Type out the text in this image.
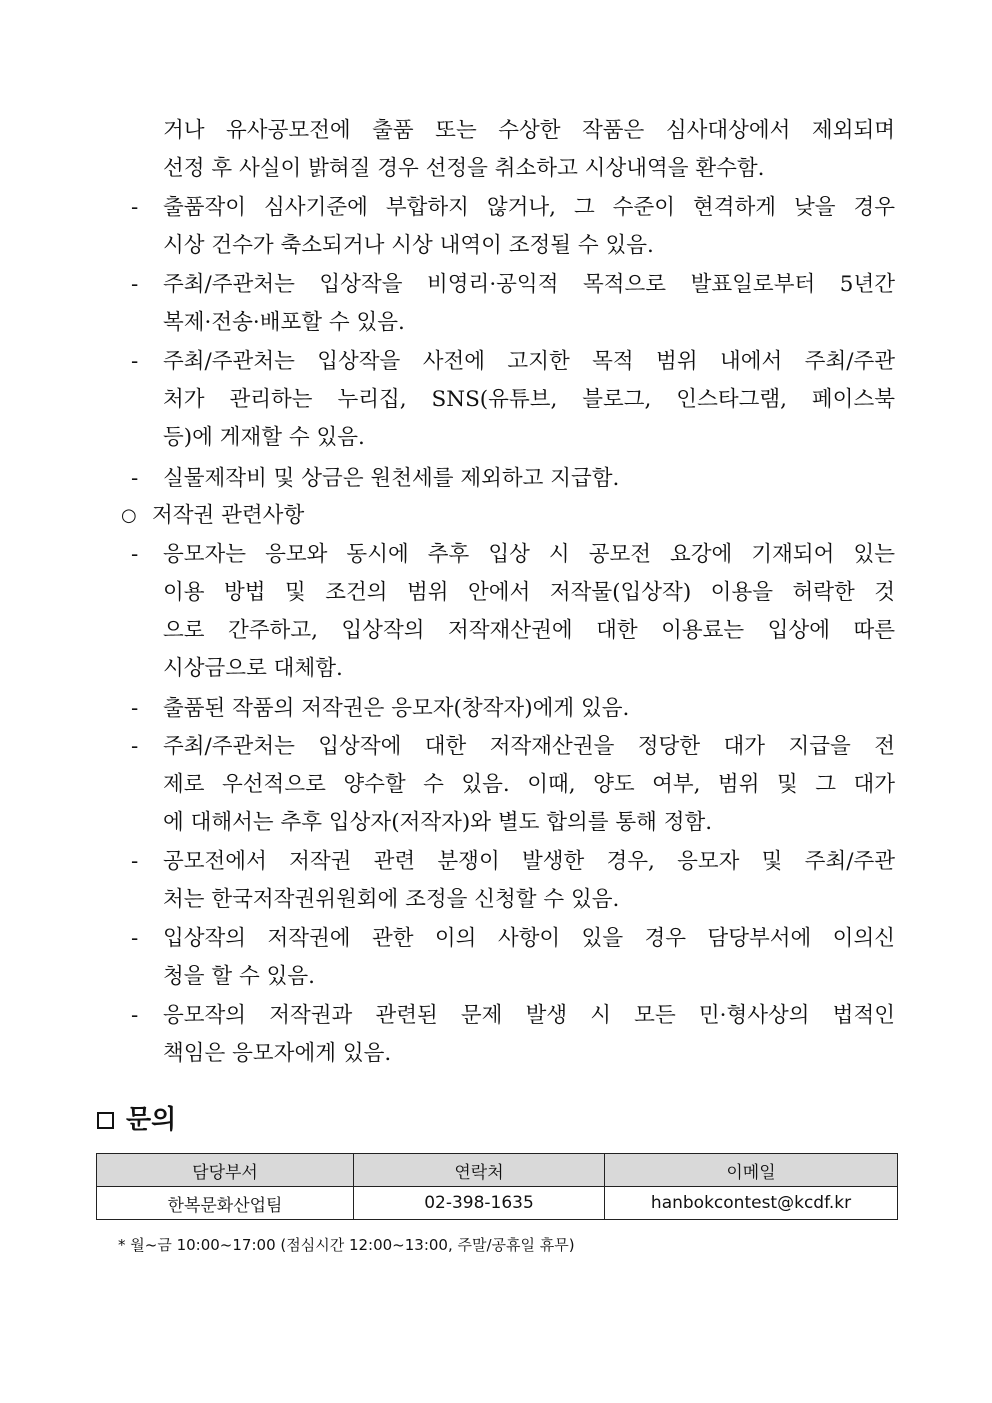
거나 유사공모전에 출품 또는 수상한 작품은 심사대상에서 제외되며
선정 후 사실이 밝혀질 경우 선정을 취소하고 시상내역을 환수함.
- 출품작이 심사기준에 부합하지 않거나, 그 수준이 현격하게 낮을 경우
시상 건수가 축소되거나 시상 내역이 조정될 수 있음.
- 주최/주관처는 입상작을 비영리·공익적 목적으로 발표일로부터 5년간
복제·전송·배포할 수 있음.
- 주최/주관처는 입상작을 사전에 고지한 목적 범위 내에서 주최/주관
처가 관리하는 누리집, SNS(유튜브, 블로그, 인스타그램, 페이스북
등)에 게재할 수 있음.
- 실물제작비 및 상금은 원천세를 제외하고 지급함.
○ 저작권 관련사항
- 응모자는 응모와 동시에 추후 입상 시 공모전 요강에 기재되어 있는
이용 방법 및 조건의 범위 안에서 저작물(입상작) 이용을 허락한 것
으로 간주하고, 입상작의 저작재산권에 대한 이용료는 입상에 따른
시상금으로 대체함.
- 출품된 작품의 저작권은 응모자(창작자)에게 있음.
- 주최/주관처는 입상작에 대한 저작재산권을 정당한 대가 지급을 전
제로 우선적으로 양수할 수 있음. 이때, 양도 여부, 범위 및 그 대가
에 대해서는 추후 입상자(저작자)와 별도 합의를 통해 정함.
- 공모전에서 저작권 관련 분쟁이 발생한 경우, 응모자 및 주최/주관
처는 한국저작권위원회에 조정을 신청할 수 있음.
- 입상작의 저작권에 관한 이의 사항이 있을 경우 담당부서에 이의신
청을 할 수 있음.
- 응모작의 저작권과 관련된 문제 발생 시 모든 민·형사상의 법적인
책임은 응모자에게 있음.
문의
담당부서	연락처	이메일
한복문화산업팀	02-398-1635	hanbokcontest@kcdf.kr
* 월~금 10:00~17:00 (점심시간 12:00~13:00, 주말/공휴일 휴무)
